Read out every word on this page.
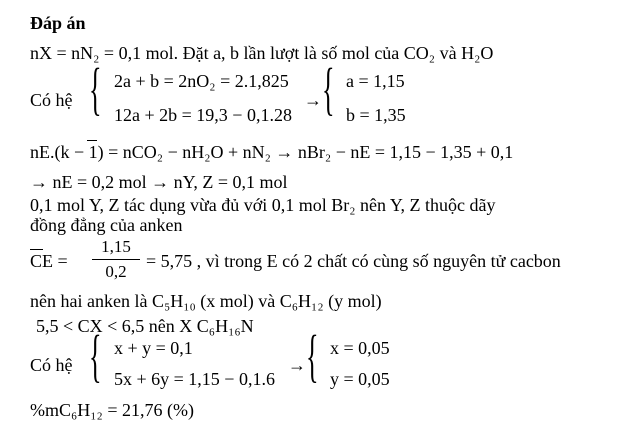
Đáp án
nX = nN₂ = 0,1 mol. Đặt a, b lần lượt là số mol của CO₂ và H₂O
Có hệ { 2a + b = 2nO₂ = 2.1,825
12a + 2b = 19,3 − 0,1.28
→ { a = 1,15
b = 1,35
nE.(k − 1) = nCO₂ − nH₂O + nN₂ → nBr₂ − nE = 1,15 − 1,35 + 0,1
→ nE = 0,2 mol → nY, Z = 0,1 mol
0,1 mol Y, Z tác dụng vừa đủ với 0,1 mol Br₂ nên Y, Z thuộc dãy
đồng đẳng của anken
CE =
1,15
0,2
= 5,75 , vì trong E có 2 chất có cùng số nguyên tử cacbon
nên hai anken là C₅H₁₀ (x mol) và C₆H₁₂ (y mol)
5,5 < CX < 6,5 nên X C₆H₁₆N
Có hệ { x + y = 0,1
5x + 6y = 1,15 − 0,1.6
→ { x = 0,05
y = 0,05
%mC₆H₁₂ = 21,76 (%)
